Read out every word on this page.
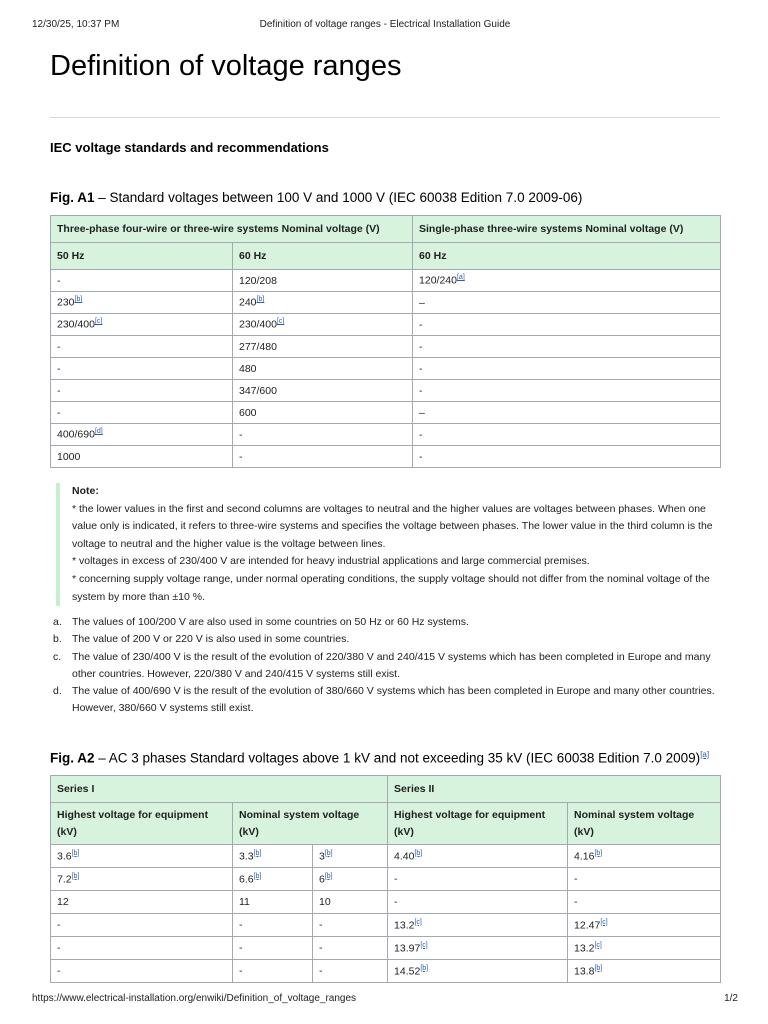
12/30/25, 10:37 PM	Definition of voltage ranges - Electrical Installation Guide
Definition of voltage ranges
IEC voltage standards and recommendations

Fig. A1 – Standard voltages between 100 V and 1000 V (IEC 60038 Edition 7.0 2009-06)

Three-phase four-wire or three-wire systems Nominal voltage (V)		Single-phase three-wire systems Nominal voltage (V)
50 Hz	60 Hz	60 Hz
-	120/208	120/240[a]
230[b]	240[b]	–
230/400[c]	230/400[c]	-
-	277/480	-
-	480	-
-	347/600	-
-	600	–
400/690[d]	-	-
1000	-	-
Note:

* the lower values in the first and second columns are voltages to neutral and the higher values are voltages between phases. When one value only is indicated, it refers to three-wire systems and specifies the voltage between phases. The lower value in the third column is the voltage to neutral and the higher value is the voltage between lines.

* voltages in excess of 230/400 V are intended for heavy industrial applications and large commercial premises.

* concerning supply voltage range, under normal operating conditions, the supply voltage should not differ from the nominal voltage of the system by more than ±10 %.

a. The values of 100/200 V are also used in some countries on 50 Hz or 60 Hz systems.
b. The value of 200 V or 220 V is also used in some countries.
c. The value of 230/400 V is the result of the evolution of 220/380 V and 240/415 V systems which has been completed in Europe and many other countries. However, 220/380 V and 240/415 V systems still exist.
d. The value of 400/690 V is the result of the evolution of 380/660 V systems which has been completed in Europe and many other countries. However, 380/660 V systems still exist.

Fig. A2 – AC 3 phases Standard voltages above 1 kV and not exceeding 35 kV (IEC 60038 Edition 7.0 2009)[a]

Series I			Series II	
Highest voltage for equipment (kV)	Nominal system voltage (kV)		Highest voltage for equipment (kV)	Nominal system voltage (kV)
3.6[b]	3.3[b]	3[b]	4.40[b]	4.16[b]
7.2[b]	6.6[b]	6[b]	-	-
12	11	10	-	-
-	-	-	13.2[c]	12.47[c]
-	-	-	13.97[c]	13.2[c]
-	-	-	14.52[b]	13.8[b]
https://www.electrical-installation.org/enwiki/Definition_of_voltage_ranges	1/2
